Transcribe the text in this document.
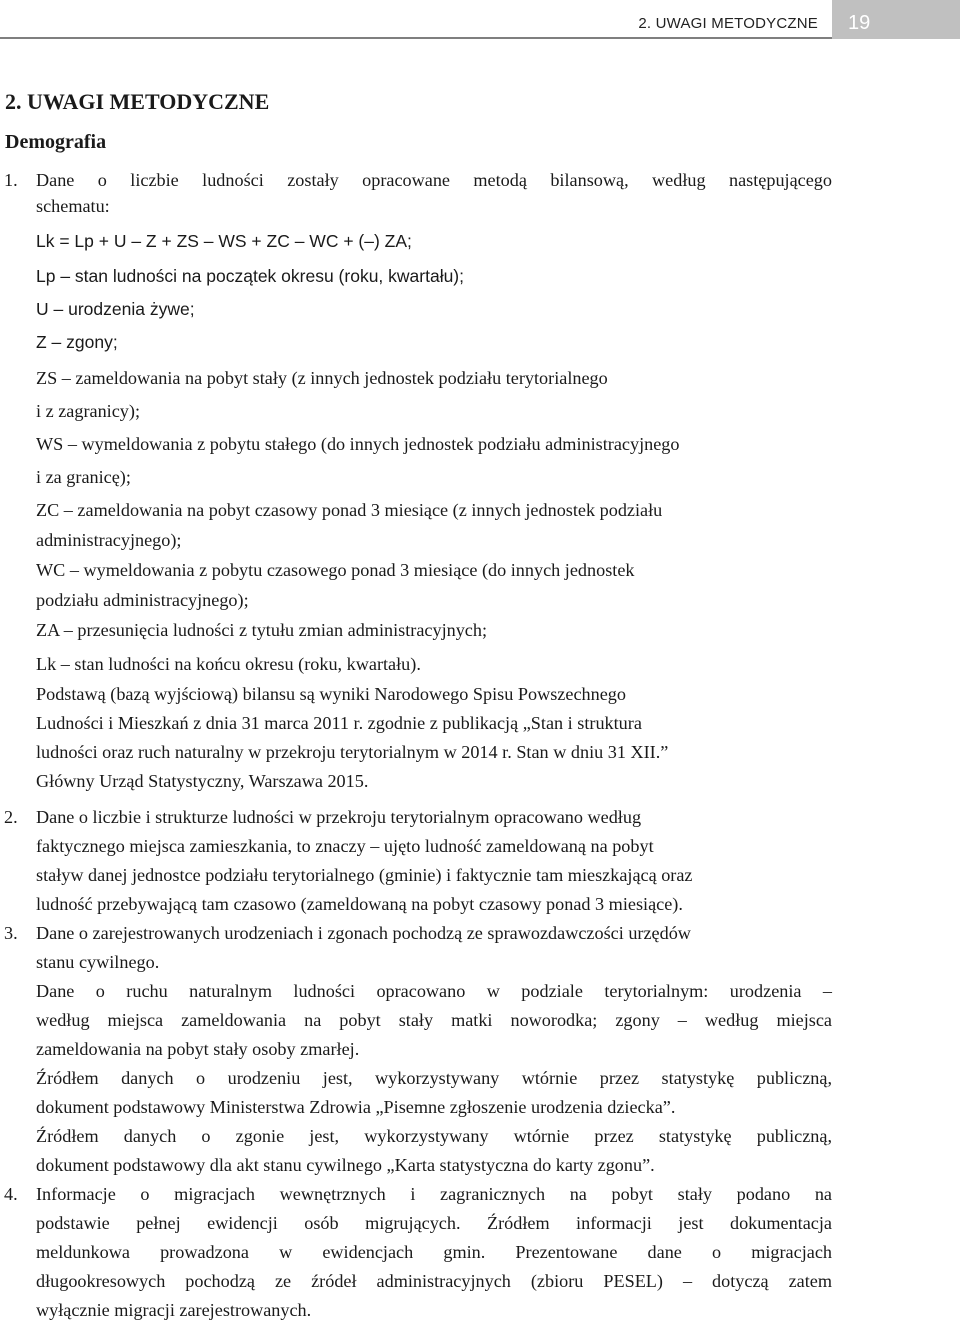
2. UWAGI METODYCZNE	19
2. UWAGI METODYCZNE
Demografia
1. Dane o liczbie ludności zostały opracowane metodą bilansową, według następującego
schematu:
Lk = Lp + U – Z + ZS – WS + ZC – WC + (–) ZA;
Lp – stan ludności na początek okresu (roku, kwartału);
U – urodzenia żywe;
Z – zgony;
ZS – zameldowania na pobyt stały (z innych jednostek podziału terytorialnego
i z zagranicy);
WS – wymeldowania z pobytu stałego (do innych jednostek podziału administracyjnego
i za granicę);
ZC – zameldowania na pobyt czasowy ponad 3 miesiące (z innych jednostek podziału
administracyjnego);
WC – wymeldowania z pobytu czasowego ponad 3 miesiące (do innych jednostek
podziału administracyjnego);
ZA – przesunięcia ludności z tytułu zmian administracyjnych;
Lk – stan ludności na końcu okresu (roku, kwartału).
Podstawą (bazą wyjściową) bilansu są wyniki Narodowego Spisu Powszechnego
Ludności i Mieszkań z dnia 31 marca 2011 r. zgodnie z publikacją „Stan i struktura
ludności oraz ruch naturalny w przekroju terytorialnym w 2014 r. Stan w dniu 31 XII.”
Główny Urząd Statystyczny, Warszawa 2015.
2. Dane o liczbie i strukturze ludności w przekroju terytorialnym opracowano według
faktycznego miejsca zamieszkania, to znaczy – ujęto ludność zameldowaną na pobyt
staływ danej jednostce podziału terytorialnego (gminie) i faktycznie tam mieszkającą oraz
ludność przebywającą tam czasowo (zameldowaną na pobyt czasowy ponad 3 miesiące).
3. Dane o zarejestrowanych urodzeniach i zgonach pochodzą ze sprawozdawczości urzędów
stanu cywilnego.
Dane o ruchu naturalnym ludności opracowano w podziale terytorialnym: urodzenia –
według miejsca zameldowania na pobyt stały matki noworodka; zgony – według miejsca
zameldowania na pobyt stały osoby zmarłej.
Źródłem danych o urodzeniu jest, wykorzystywany wtórnie przez statystykę publiczną,
dokument podstawowy Ministerstwa Zdrowia „Pisemne zgłoszenie urodzenia dziecka”.
Źródłem danych o zgonie jest, wykorzystywany wtórnie przez statystykę publiczną,
dokument podstawowy dla akt stanu cywilnego „Karta statystyczna do karty zgonu”.
4. Informacje o migracjach wewnętrznych i zagranicznych na pobyt stały podano na
podstawie pełnej ewidencji osób migrujących. Źródłem informacji jest dokumentacja
meldunkowa prowadzona w ewidencjach gmin. Prezentowane dane o migracjach
długookresowych pochodzą ze źródeł administracyjnych (zbioru PESEL) – dotyczą zatem
wyłącznie migracji zarejestrowanych.
